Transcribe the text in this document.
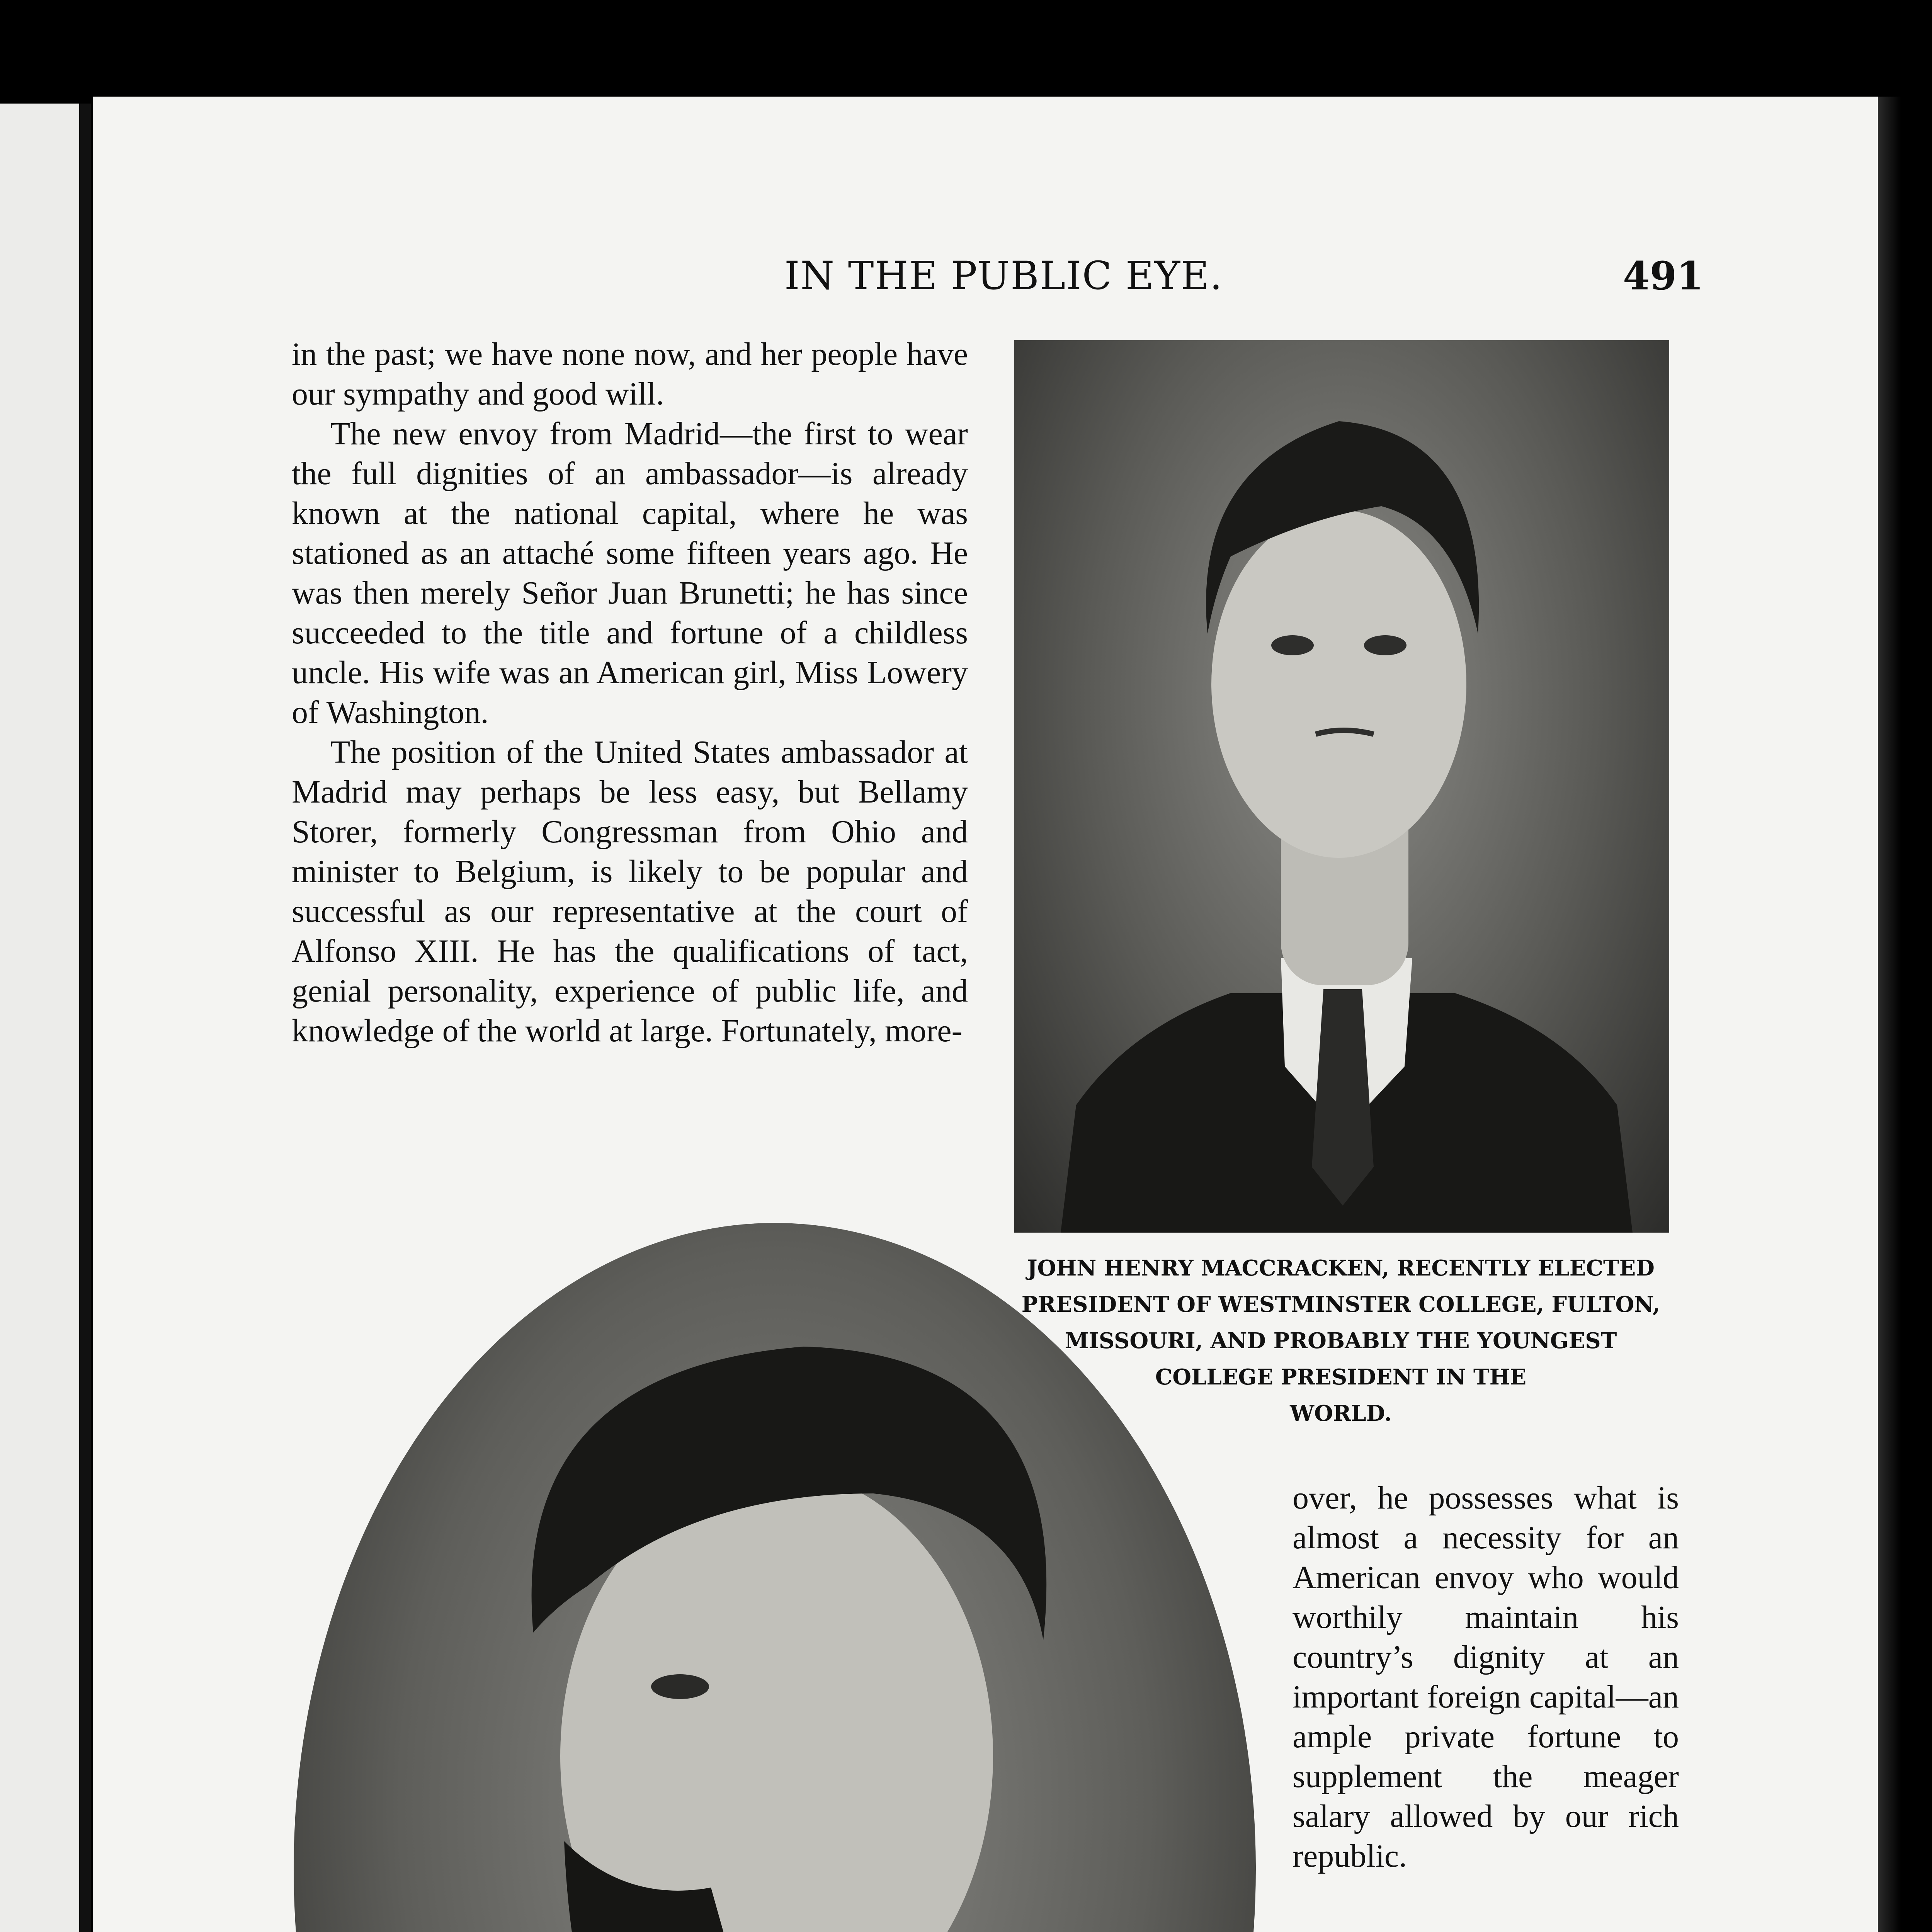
IN THE PUBLIC EYE.	491

in the past; we have none now, and her people have our sympathy and good will.

The new envoy from Madrid—the first to wear the full dignities of an ambassador—is already known at the national capital, where he was stationed as an attaché some fifteen years ago. He was then merely Señor Juan Brunetti; he has since succeeded to the title and fortune of a childless uncle. His wife was an American girl, Miss Lowery of Washington.

The position of the United States ambassador at Madrid may perhaps be less easy, but Bellamy Storer, formerly Congressman from Ohio and minister to Belgium, is likely to be popular and successful as our representative at the court of Alfonso XIII. He has the qualifications of tact, genial personality, experience of public life, and knowledge of the world at large. Fortunately, more-

JOHN HENRY MACCRACKEN, RECENTLY ELECTED
PRESIDENT OF WESTMINSTER COLLEGE, FULTON,
MISSOURI, AND PROBABLY THE YOUNGEST
COLLEGE PRESIDENT IN THE
WORLD.

over, he possesses what is almost a necessity for an American envoy who would worthily maintain his country’s dignity at an important foreign capital—an ample private fortune to supplement the meager salary allowed by our rich republic.
